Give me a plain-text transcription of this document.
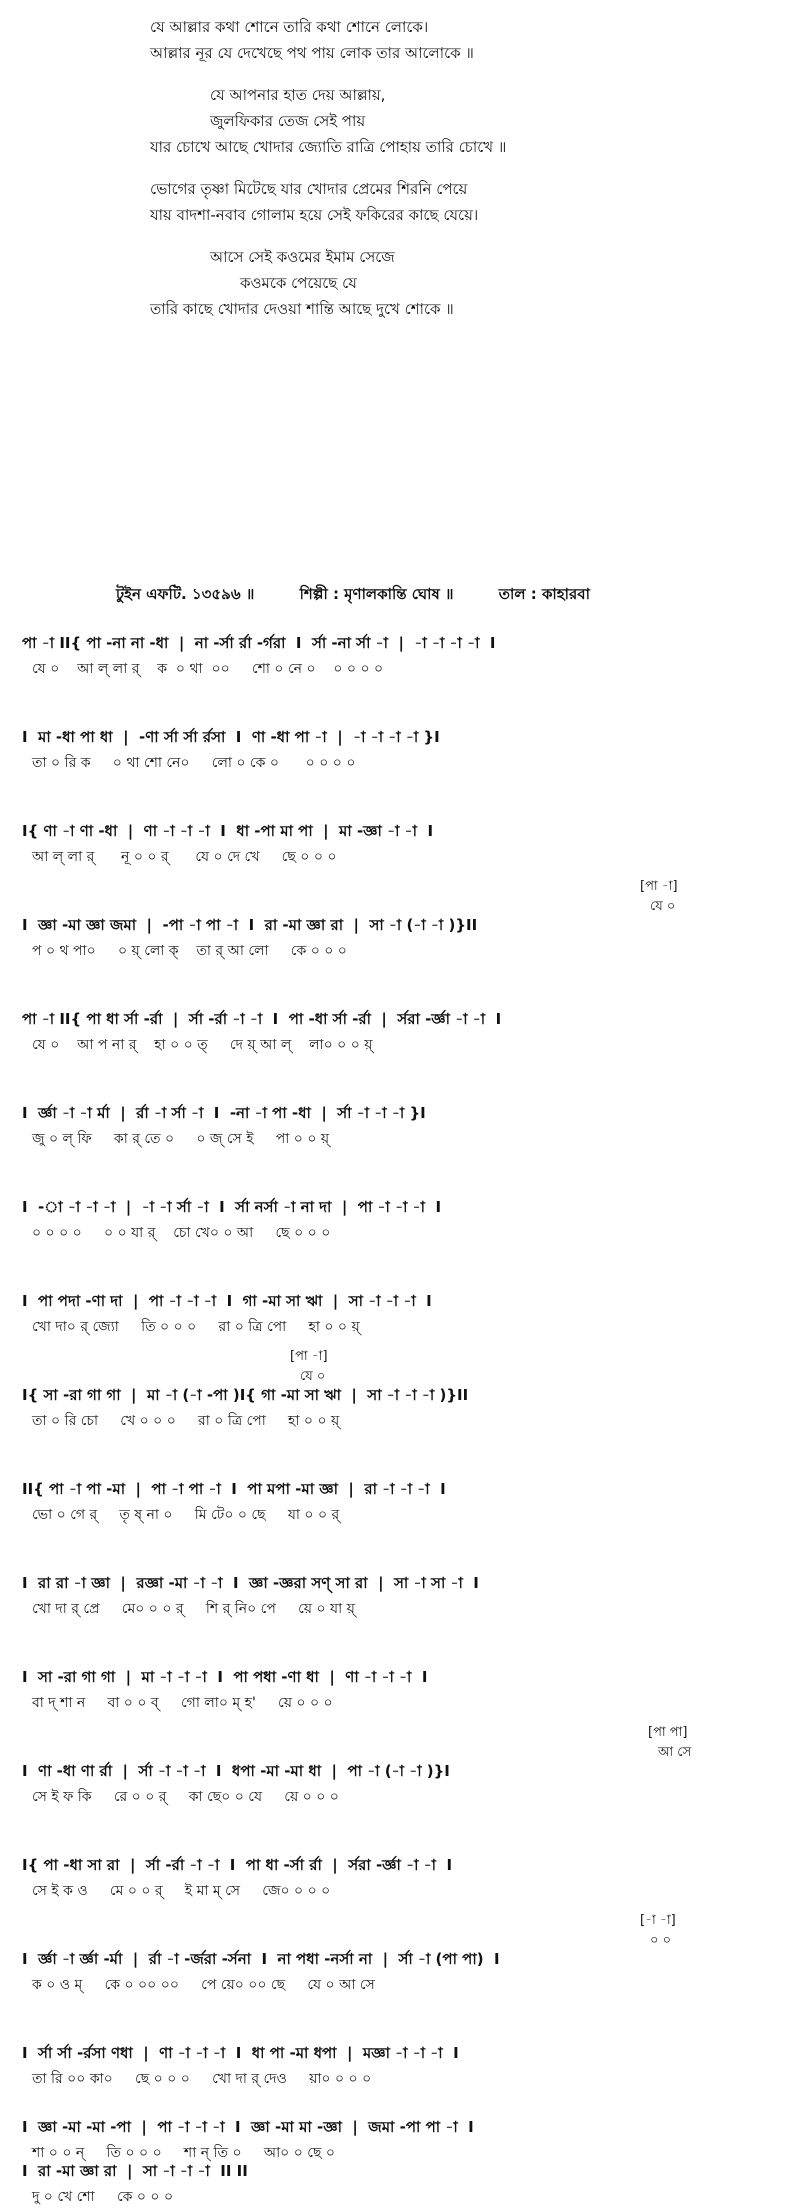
যে আল্লার কথা শোনে তারি কথা শোনে লোকে।
আল্লার নূর যে দেখেছে পথ পায় লোক তার আলোকে ॥
যে আপনার হাত দেয় আল্লায়,
জুলফিকার তেজ সেই পায়
যার চোখে আছে খোদার জ্যোতি রাত্রি পোহায় তারি চোখে ॥
ভোগের তৃষ্ণা মিটেছে যার খোদার প্রেমের শিরনি পেয়ে
যায় বাদশা-নবাব গোলাম হয়ে সেই ফকিরের কাছে যেয়ে।
আসে সেই কওমের ইমাম সেজে
কওমকে পেয়েছে যে
তারি কাছে খোদার দেওয়া শান্তি আছে দুখে শোকে ॥
টুইন এফটি. ১৩৫৯৬ ॥	শিল্পী : মৃণালকান্তি ঘোষ ॥	তাল : কাহারবা
পা -া II{ পা -না না -ধা  |  না -র্সা র্রা -র্গরা  I  র্সা -না র্সা -া  |  -া -া -া -া  I
যে ০    আ ল্ লা র্    ক  ০ থা  ০০     শো ০ নে ০    ০ ০ ০ ০
I  মা -ধা পা ধা  |  -ণা র্সা র্সা র্রসা  I  ণা -ধা পা -া  |  -া -া -া -া }I
তা ০ রি ক     ০ থা শো নে০     লো ০ কে ০      ০ ০ ০ ০
I{ ণা -া ণা -ধা  |  ণা -া -া -া  I  ধা -পা মা পা  |  মা -জ্ঞা -া -া  I
আ ল্ লা র্      নূ ০ ০ র্      যে ০ দে খে     ছে ০ ০ ০
[পা -া]
যে ০
I  জ্ঞা -মা জ্ঞা জমা  |  -পা -া পা -া  I  রা -মা জ্ঞা রা  |  সা -া (-া -া )}II
প ০ থ পা০     ০ য়্ লো ক্    তা র্ আ লো     কে ০ ০ ০
পা -া II{ পা ধা র্সা -র্রা  |  র্সা -র্রা -া -া  I  পা -ধা র্সা -র্রা  |  র্সরা -র্জ্ঞা -া -া  I
যে ০    আ প না র্    হা ০ ০ ত্     দে য়্ আ ল্    লা০ ০ ০ য়্
I  র্জ্ঞা -া -া র্মা  |  র্রা -া র্সা -া  I  -না -া পা -ধা  |  র্সা -া -া -া }I
জু ০ ল্ ফি     কা র্ তে ০     ০ জ্ সে ই     পা ০ ০ য়্
I  -া -া -া -া  |  -া -া র্সা -া  I  র্সা নর্সা -া না দা  |  পা -া -া -া  I
০ ০ ০ ০     ০ ০ যা র্    চো খে০ ০ আ     ছে ০ ০ ০
I  পা পদা -ণা দা  |  পা -া -া -া  I  গা -মা সা ঋা  |  সা -া -া -া  I
খো দা০ র্ জ্যো     তি ০ ০ ০     রা ০ ত্রি পো     হা ০ ০ য়্
[পা -া]
যে ০
I{ সা -রা গা গা  |  মা -া (-া -পা )I{ গা -মা সা ঋা  |  সা -া -া -া )}II
তা ০ রি চো     খে ০ ০ ০     রা ০ ত্রি পো     হা ০ ০ য়্
II{ পা -া পা -মা  |  পা -া পা -া  I  পা মপা -মা জ্ঞা  |  রা -া -া -া  I
ভো ০ গে র্     তৃ ষ্ না ০     মি টে০ ০ ছে     যা ০ ০ র্
I  রা রা -া জ্ঞা  |  রজ্ঞা -মা -া -া  I  জ্ঞা -জ্ঞরা সণ্ সা রা  |  সা -া সা -া  I
খো দা র্ প্রে     মে০ ০ ০ র্     শি র্ নি০ পে     য়ে ০ যা য়্
I  সা -রা গা গা  |  মা -া -া -া  I  পা পধা -ণা ধা  |  ণা -া -া -া  I
বা দ্ শা ন     বা ০ ০ ব্     গো লা০ ম্ হ'     য়ে ০ ০ ০
[পা পা]
আ সে
I  ণা -ধা ণা র্রা  |  র্সা -া -া -া  I  ধপা -মা -মা ধা  |  পা -া (-া -া )}I
সে ই ফ কি     রে ০ ০ র্     কা ছে০ ০ যে     য়ে ০ ০ ০
I{ পা -ধা সা রা  |  র্সা -র্রা -া -া  I  পা ধা -র্সা র্রা  |  র্সরা -র্জ্ঞা -া -া  I
সে ই ক ও     মে ০ ০ র্     ই মা ম্ সে     জে০ ০ ০ ০
[-া -া]
০ ০
I  র্জ্ঞা -া র্জ্ঞা -র্মা  |  র্রা -া -র্জরা -র্সনা  I  না পধা -নর্সা না  |  র্সা -া (পা পা)  I
ক ০ ও ম্     কে ০ ০০ ০০     পে য়ে০ ০০ ছে     যে ০ আ সে
I  র্সা র্সা -র্রসা ণধা  |  ণা -া -া -া  I  ধা পা -মা ধপা  |  মজ্ঞা -া -া -া  I
তা রি ০০ কা০     ছে ০ ০ ০     খো দা র্ দেও     য়া০ ০ ০ ০
I  জ্ঞা -মা -মা -পা  |  পা -া -া -া  I  জ্ঞা -মা মা -জ্ঞা  |  জমা -পা পা -া  I
শা ০ ০ ন্     তি ০ ০ ০     শা ন্ তি ০     আ০ ০ ছে ০
I  রা -মা জ্ঞা রা  |  সা -া -া -া  II II
দু ০ খে শো     কে ০ ০ ০
